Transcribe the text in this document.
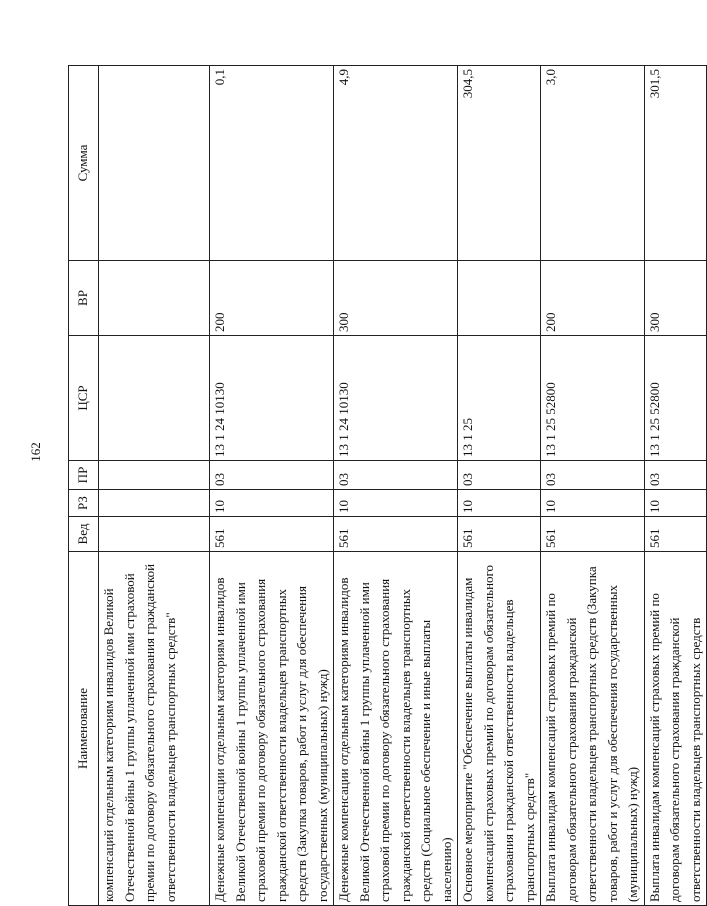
162
Наименование	Вед	РЗ	ПР	ЦСР	ВР	Сумма
компенсаций отдельным категориям инвалидов Великой Отечественной войны 1 группы уплаченной ими страховой премии по договору обязательного страхования гражданской ответственности владельцев транспортных средств"						
Денежные компенсации отдельным категориям инвалидов Великой Отечественной войны 1 группы уплаченной ими страховой премии по договору обязательного страхования гражданской ответственности владельцев транспортных средств (Закупка товаров, работ и услуг для обеспечения государственных (муниципальных) нужд)	561	10	03	13 1 24 10130	200	0,1
Денежные компенсации отдельным категориям инвалидов Великой Отечественной войны 1 группы уплаченной ими страховой премии по договору обязательного страхования гражданской ответственности владельцев транспортных средств (Социальное обеспечение и иные выплаты населению)	561	10	03	13 1 24 10130	300	4,9
Основное мероприятие "Обеспечение выплаты инвалидам компенсаций страховых премий по договорам обязательного страхования гражданской ответственности владельцев транспортных средств"	561	10	03	13 1 25		304,5
Выплата инвалидам компенсаций страховых премий по договорам обязательного страхования гражданской ответственности владельцев транспортных средств (Закупка товаров, работ и услуг для обеспечения государственных (муниципальных) нужд)	561	10	03	13 1 25 52800	200	3,0
Выплата инвалидам компенсаций страховых премий по договорам обязательного страхования гражданской ответственности владельцев транспортных средств	561	10	03	13 1 25 52800	300	301,5
